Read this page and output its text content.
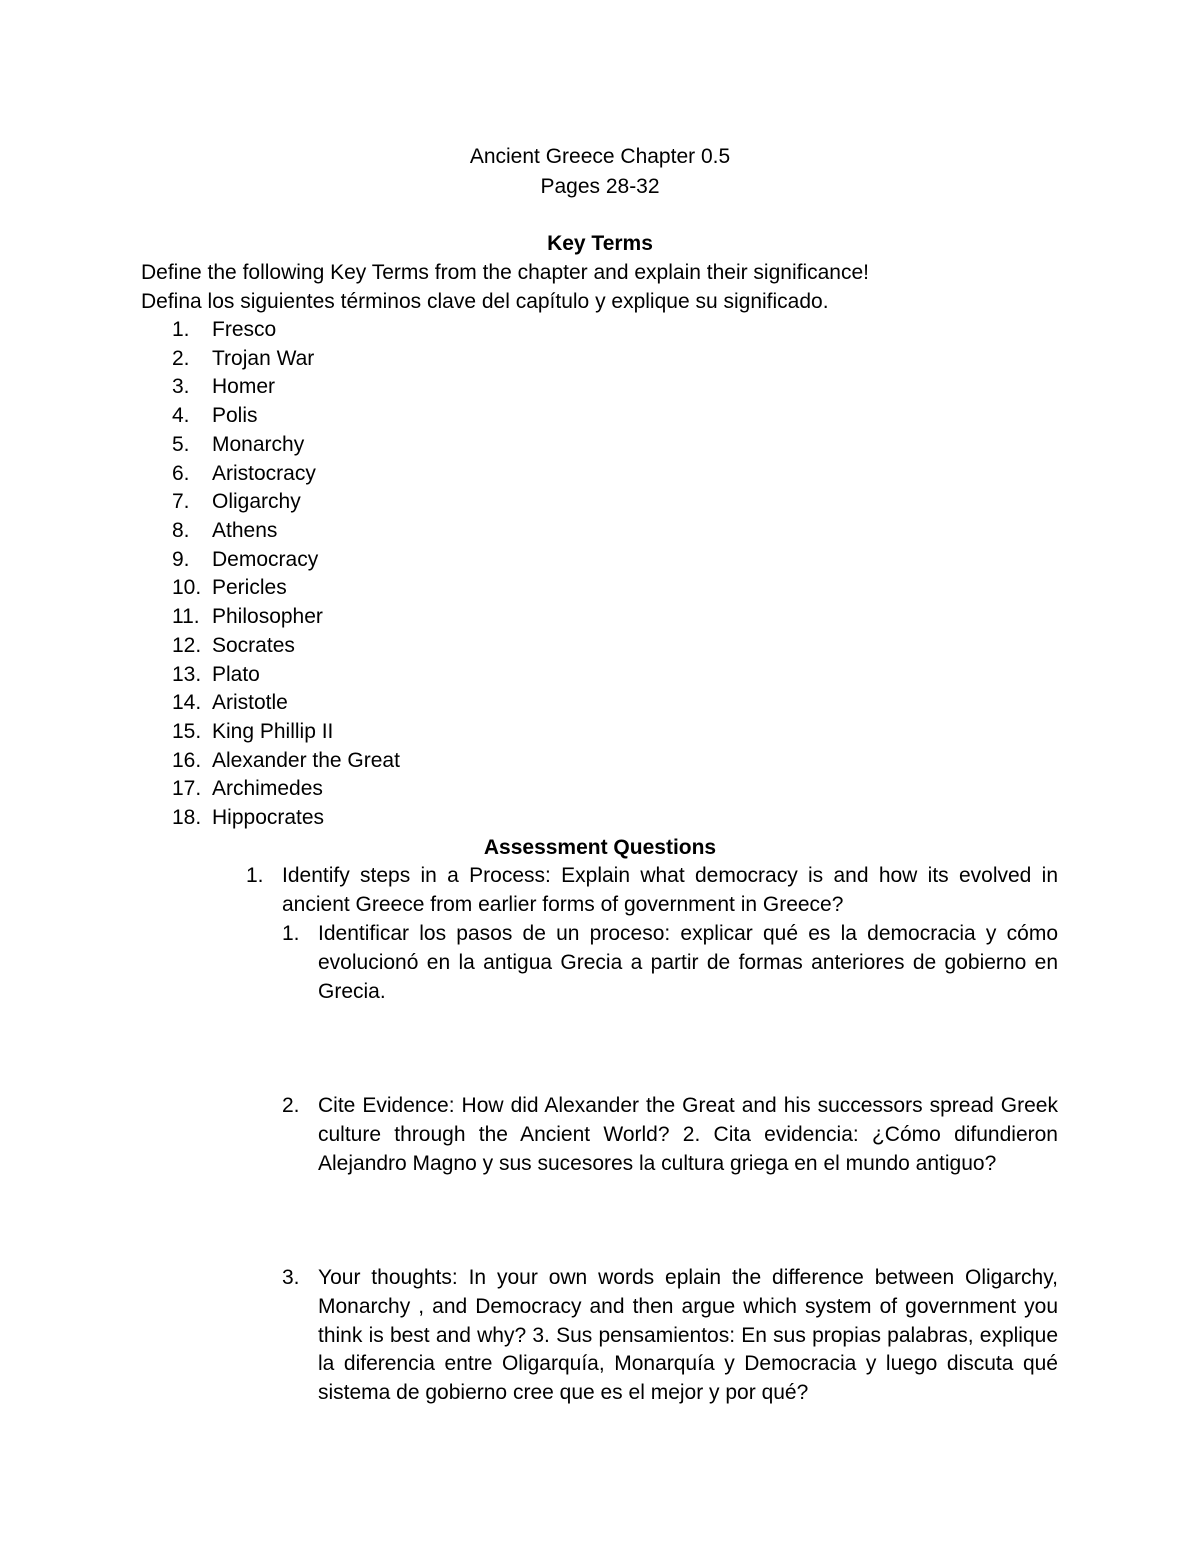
Ancient Greece Chapter 0.5
Pages 28-32
Key Terms
Define the following Key Terms from the chapter and explain their significance!
Defina los siguientes términos clave del capítulo y explique su significado.
1. Fresco
2. Trojan War
3. Homer
4. Polis
5. Monarchy
6. Aristocracy
7. Oligarchy
8. Athens
9. Democracy
10. Pericles
11. Philosopher
12. Socrates
13. Plato
14. Aristotle
15. King Phillip II
16. Alexander the Great
17. Archimedes
18. Hippocrates
Assessment Questions
1. Identify steps in a Process: Explain what democracy is and how its evolved in ancient Greece from earlier forms of government in Greece?
1. Identificar los pasos de un proceso: explicar qué es la democracia y cómo evolucionó en la antigua Grecia a partir de formas anteriores de gobierno en Grecia.
2. Cite Evidence: How did Alexander the Great and his successors spread Greek culture through the Ancient World? 2. Cita evidencia: ¿Cómo difundieron Alejandro Magno y sus sucesores la cultura griega en el mundo antiguo?
3. Your thoughts: In your own words eplain the difference between Oligarchy, Monarchy , and Democracy and then argue which system of government you think is best and why? 3. Sus pensamientos: En sus propias palabras, explique la diferencia entre Oligarquía, Monarquía y Democracia y luego discuta qué sistema de gobierno cree que es el mejor y por qué?
